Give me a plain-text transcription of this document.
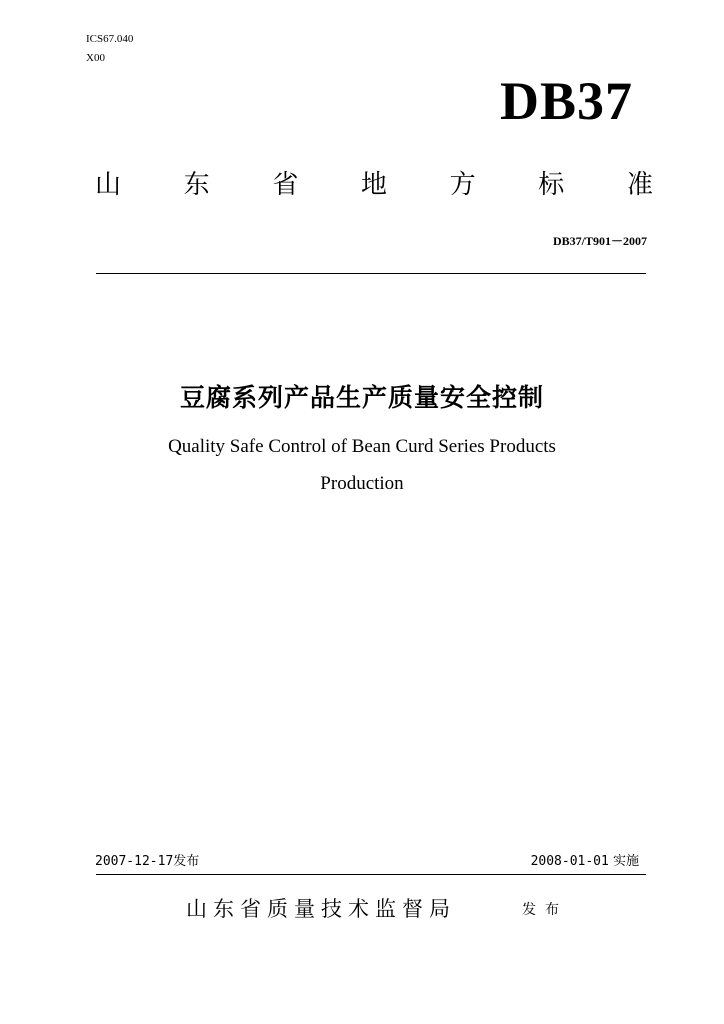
ICS67.040
X00
DB37
山 东 省 地 方 标 准
DB37/T901－2007
豆腐系列产品生产质量安全控制
Quality Safe Control of Bean Curd Series Products
Production
2007-12-17发布	2008-01-01 实施
山东省质量技术监督局	发布
